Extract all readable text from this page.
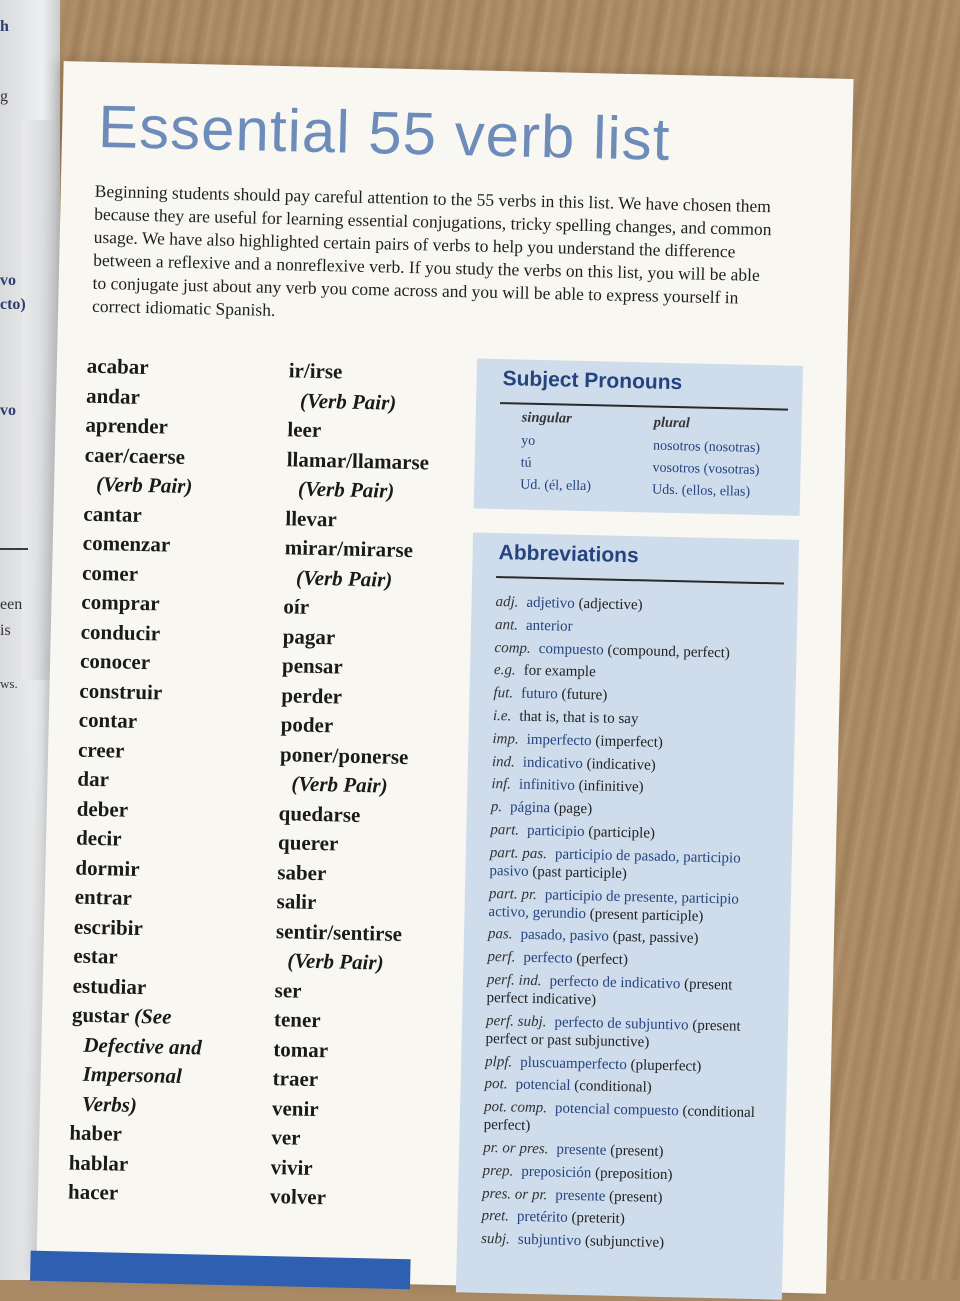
h
g
vo
cto)
vo
een
is
ws.
Essential 55 verb list
Beginning students should pay careful attention to the 55 verbs in this list. We have chosen them because they are useful for learning essential conjugations, tricky spelling changes, and common usage. We have also highlighted certain pairs of verbs to help you understand the difference between a reflexive and a nonreflexive verb. If you study the verbs on this list, you will be able to conjugate just about any verb you come across and you will be able to express yourself in correct idiomatic Spanish.
acabar
andar
aprender
caer/caerse
(Verb Pair)
cantar
comenzar
comer
comprar
conducir
conocer
construir
contar
creer
dar
deber
decir
dormir
entrar
escribir
estar
estudiar
gustar (See
Defective and
Impersonal
Verbs)
haber
hablar
hacer
ir/irse
(Verb Pair)
leer
llamar/llamarse
(Verb Pair)
llevar
mirar/mirarse
(Verb Pair)
oír
pagar
pensar
perder
poder
poner/ponerse
(Verb Pair)
quedarse
querer
saber
salir
sentir/sentirse
(Verb Pair)
ser
tener
tomar
traer
venir
ver
vivir
volver
Subject Pronouns
singular	plural
yo
tú
Ud. (él, ella)
nosotros (nosotras)
vosotros (vosotras)
Uds. (ellos, ellas)
Abbreviations
adj. adjetivo (adjective)
ant. anterior
comp. compuesto (compound, perfect)
e.g. for example
fut. futuro (future)
i.e. that is, that is to say
imp. imperfecto (imperfect)
ind. indicativo (indicative)
inf. infinitivo (infinitive)
p. página (page)
part. participio (participle)
part. pas. participio de pasado, participio pasivo (past participle)
part. pr. participio de presente, participio activo, gerundio (present participle)
pas. pasado, pasivo (past, passive)
perf. perfecto (perfect)
perf. ind. perfecto de indicativo (present perfect indicative)
perf. subj. perfecto de subjuntivo (present perfect or past subjunctive)
plpf. pluscuamperfecto (pluperfect)
pot. potencial (conditional)
pot. comp. potencial compuesto (conditional perfect)
pr. or pres. presente (present)
prep. preposición (preposition)
pres. or pr. presente (present)
pret. pretérito (preterit)
subj. subjuntivo (subjunctive)
